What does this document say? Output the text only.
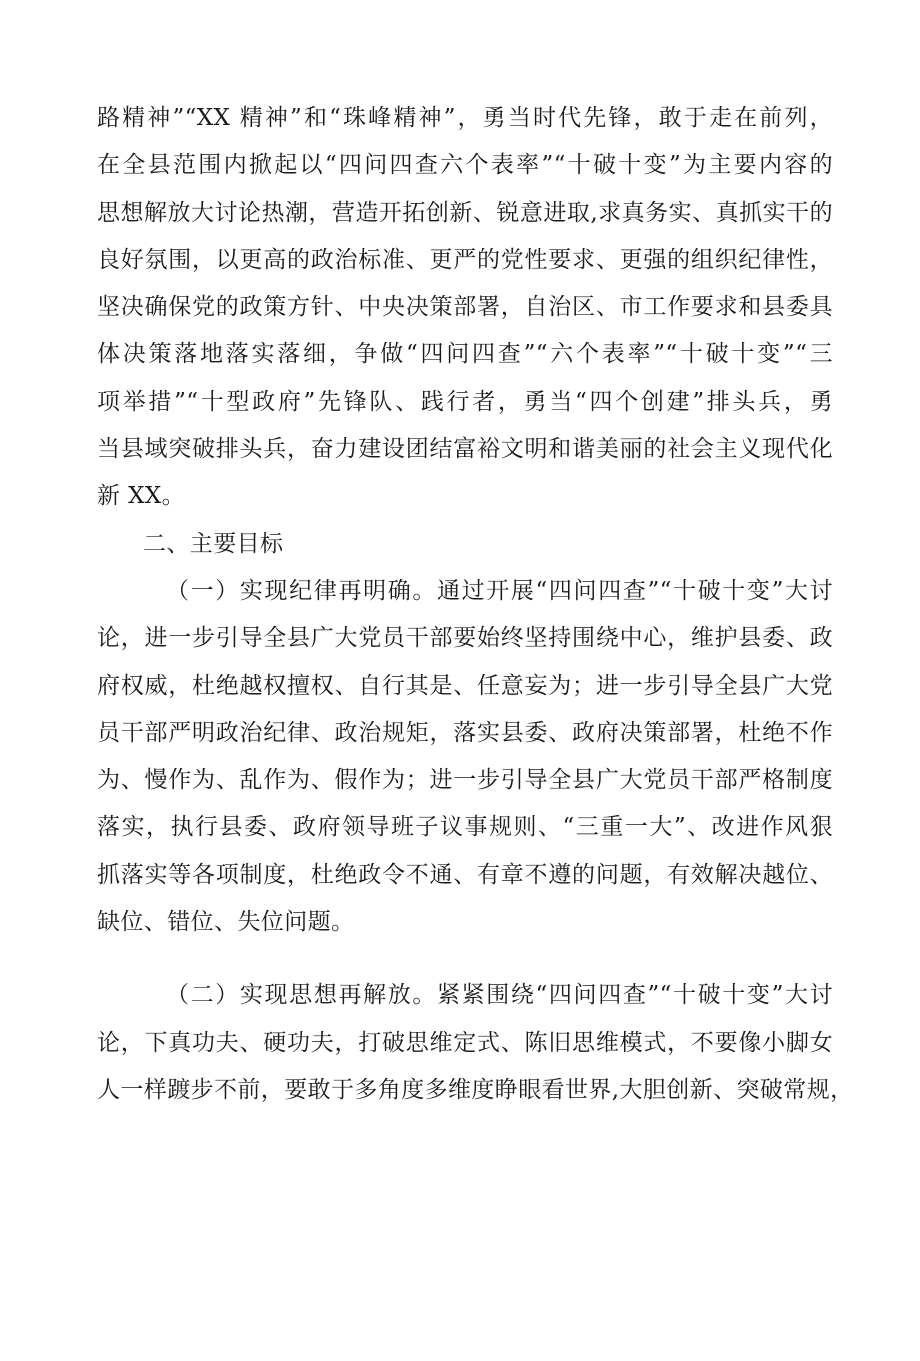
路精神”“XX 精神”和“珠峰精神”，勇当时代先锋，敢于走在前列，
在全县范围内掀起以“四问四查六个表率”“十破十变”为主要内容的
思想解放大讨论热潮，营造开拓创新、锐意进取,求真务实、真抓实干的
良好氛围，以更高的政治标准、更严的党性要求、更强的组织纪律性，
坚决确保党的政策方针、中央决策部署，自治区、市工作要求和县委具
体决策落地落实落细，争做“四问四查”“六个表率”“十破十变”“三
项举措”“十型政府”先锋队、践行者，勇当“四个创建”排头兵，勇
当县域突破排头兵，奋力建设团结富裕文明和谐美丽的社会主义现代化
新 XX。
二、主要目标
（一）实现纪律再明确。通过开展“四问四查”“十破十变”大讨
论，进一步引导全县广大党员干部要始终坚持围绕中心，维护县委、政
府权威，杜绝越权擅权、自行其是、任意妄为；进一步引导全县广大党
员干部严明政治纪律、政治规矩，落实县委、政府决策部署，杜绝不作
为、慢作为、乱作为、假作为；进一步引导全县广大党员干部严格制度
落实，执行县委、政府领导班子议事规则、“三重一大”、改进作风狠
抓落实等各项制度，杜绝政令不通、有章不遵的问题，有效解决越位、
缺位、错位、失位问题。
（二）实现思想再解放。紧紧围绕“四问四查”“十破十变”大讨
论，下真功夫、硬功夫，打破思维定式、陈旧思维模式，不要像小脚女
人一样踱步不前，要敢于多角度多维度睁眼看世界,大胆创新、突破常规，
